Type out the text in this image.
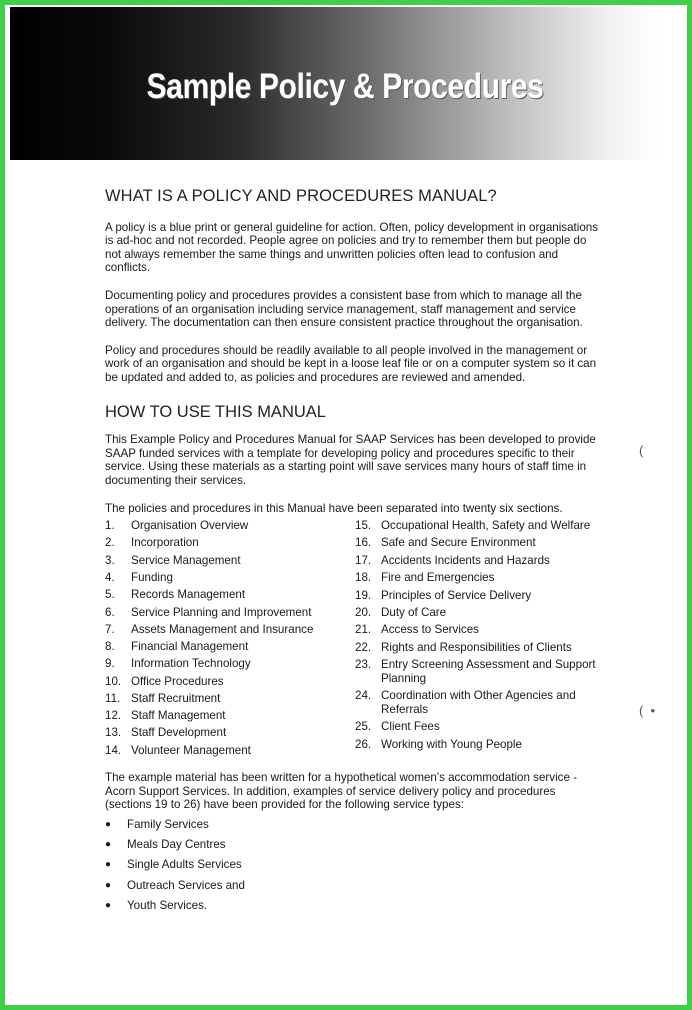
Sample Policy & Procedures
(
(  •
WHAT IS A POLICY AND PROCEDURES MANUAL?
A policy is a blue print or general guideline for action. Often, policy development in organisations is ad-hoc and not recorded. People agree on policies and try to remember them but people do not always remember the same things and unwritten policies often lead to confusion and conflicts.
Documenting policy and procedures provides a consistent base from which to manage all the operations of an organisation including service management, staff management and service delivery. The documentation can then ensure consistent practice throughout the organisation.
Policy and procedures should be readily available to all people involved in the management or work of an organisation and should be kept in a loose leaf file or on a computer system so it can be updated and added to, as policies and procedures are reviewed and amended.
HOW TO USE THIS MANUAL
This Example Policy and Procedures Manual for SAAP Services has been developed to provide SAAP funded services with a template for developing policy and procedures specific to their service. Using these materials as a starting point will save services many hours of staff time in documenting their services.
The policies and procedures in this Manual have been separated into twenty six sections.
1.	Organisation Overview
2.	Incorporation
3.	Service Management
4.	Funding
5.	Records Management
6.	Service Planning and Improvement
7.	Assets Management and Insurance
8.	Financial Management
9.	Information Technology
10. Office Procedures
11. Staff Recruitment
12. Staff Management
13. Staff Development
14. Volunteer Management
15. Occupational Health, Safety and Welfare
16. Safe and Secure Environment
17. Accidents Incidents and Hazards
18. Fire and Emergencies
19. Principles of Service Delivery
20. Duty of Care
21. Access to Services
22. Rights and Responsibilities of Clients
23. Entry Screening Assessment and Support Planning
24. Coordination with Other Agencies and Referrals
25. Client Fees
26. Working with Young People
The example material has been written for a hypothetical women's accommodation service - Acorn Support Services. In addition, examples of service delivery policy and procedures (sections 19 to 26) have been provided for the following service types:
●	Family Services
●	Meals Day Centres
●	Single Adults Services
●	Outreach Services and
●	Youth Services.
